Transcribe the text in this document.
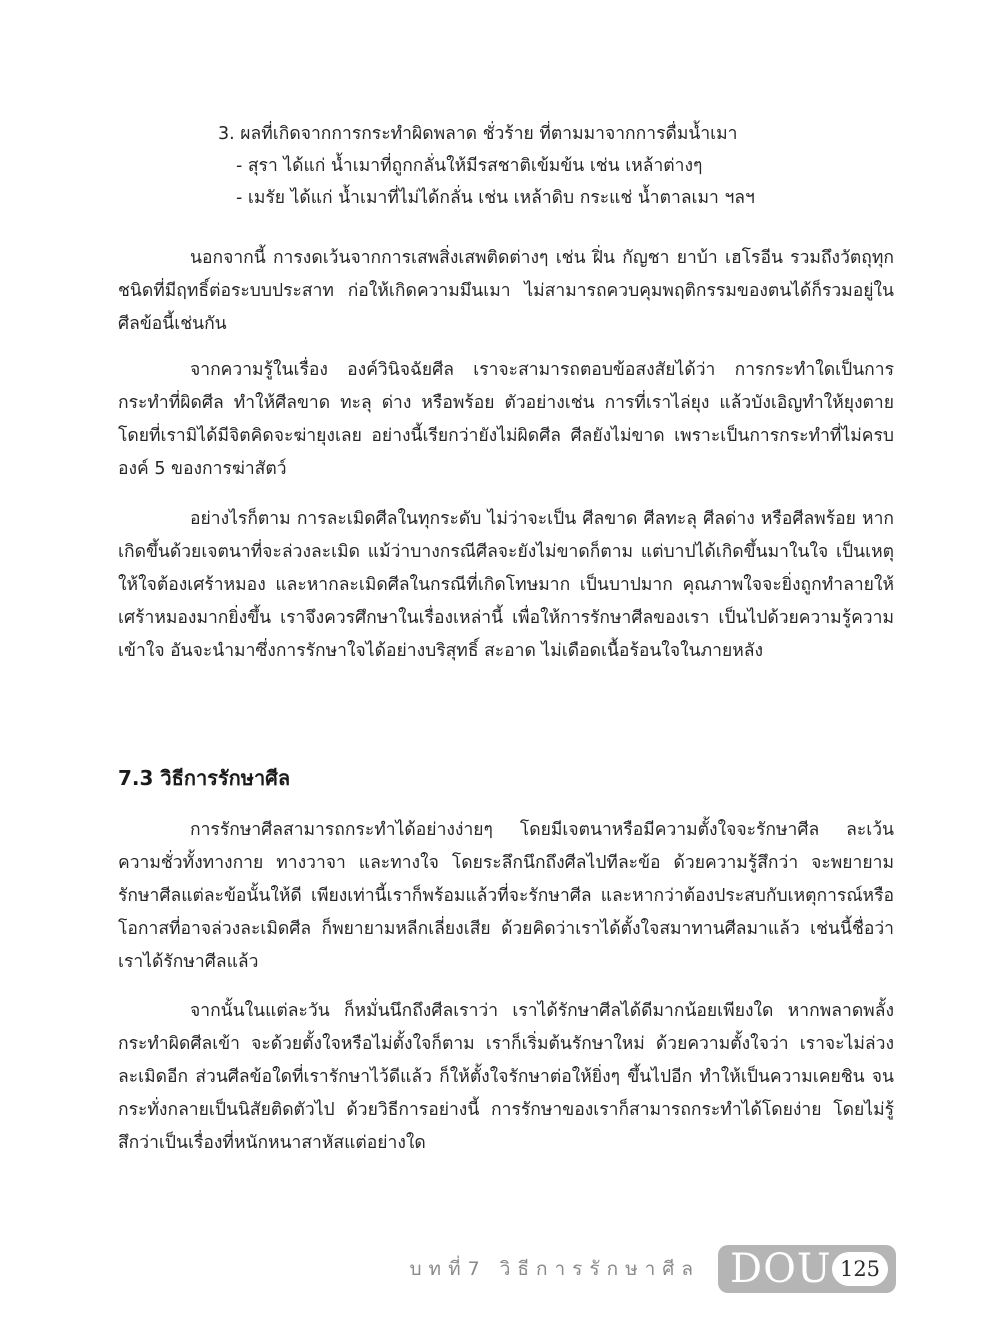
3. ผลที่เกิดจากการกระทำผิดพลาด ชั่วร้าย ที่ตามมาจากการดื่มน้ำเมา
- สุรา ได้แก่ น้ำเมาที่ถูกกลั่นให้มีรสชาติเข้มข้น เช่น เหล้าต่างๆ
- เมรัย ได้แก่ น้ำเมาที่ไม่ได้กลั่น เช่น เหล้าดิบ กระแช่ น้ำตาลเมา ฯลฯ

นอกจากนี้ การงดเว้นจากการเสพสิ่งเสพติดต่างๆ เช่น ฝิ่น กัญชา ยาบ้า เฮโรอีน รวมถึงวัตถุทุกชนิดที่มีฤทธิ์ต่อระบบประสาท ก่อให้เกิดความมึนเมา ไม่สามารถควบคุมพฤติกรรมของตนได้ก็รวมอยู่ในศีลข้อนี้เช่นกัน

จากความรู้ในเรื่อง องค์วินิจฉัยศีล เราจะสามารถตอบข้อสงสัยได้ว่า การกระทำใดเป็นการกระทำที่ผิดศีล ทำให้ศีลขาด ทะลุ ด่าง หรือพร้อย ตัวอย่างเช่น การที่เราไล่ยุง แล้วบังเอิญทำให้ยุงตาย โดยที่เรามิได้มีจิตคิดจะฆ่ายุงเลย อย่างนี้เรียกว่ายังไม่ผิดศีล ศีลยังไม่ขาด เพราะเป็นการกระทำที่ไม่ครบ องค์ 5 ของการฆ่าสัตว์

อย่างไรก็ตาม การละเมิดศีลในทุกระดับ ไม่ว่าจะเป็น ศีลขาด ศีลทะลุ ศีลด่าง หรือศีลพร้อย หากเกิดขึ้นด้วยเจตนาที่จะล่วงละเมิด แม้ว่าบางกรณีศีลจะยังไม่ขาดก็ตาม แต่บาปได้เกิดขึ้นมาในใจ เป็นเหตุให้ใจต้องเศร้าหมอง และหากละเมิดศีลในกรณีที่เกิดโทษมาก เป็นบาปมาก คุณภาพใจจะยิ่งถูกทำลายให้เศร้าหมองมากยิ่งขึ้น เราจึงควรศึกษาในเรื่องเหล่านี้ เพื่อให้การรักษาศีลของเรา เป็นไปด้วยความรู้ความเข้าใจ อันจะนำมาซึ่งการรักษาใจได้อย่างบริสุทธิ์ สะอาด ไม่เดือดเนื้อร้อนใจในภายหลัง

7.3 วิธีการรักษาศีล

การรักษาศีลสามารถกระทำได้อย่างง่ายๆ โดยมีเจตนาหรือมีความตั้งใจจะรักษาศีล ละเว้นความชั่วทั้งทางกาย ทางวาจา และทางใจ โดยระลึกนึกถึงศีลไปทีละข้อ ด้วยความรู้สึกว่า จะพยายามรักษาศีลแต่ละข้อนั้นให้ดี เพียงเท่านี้เราก็พร้อมแล้วที่จะรักษาศีล และหากว่าต้องประสบกับเหตุการณ์หรือโอกาสที่อาจล่วงละเมิดศีล ก็พยายามหลีกเลี่ยงเสีย ด้วยคิดว่าเราได้ตั้งใจสมาทานศีลมาแล้ว เช่นนี้ชื่อว่าเราได้รักษาศีลแล้ว

จากนั้นในแต่ละวัน ก็หมั่นนึกถึงศีลเราว่า เราได้รักษาศีลได้ดีมากน้อยเพียงใด หากพลาดพลั้งกระทำผิดศีลเข้า จะด้วยตั้งใจหรือไม่ตั้งใจก็ตาม เราก็เริ่มต้นรักษาใหม่ ด้วยความตั้งใจว่า เราจะไม่ล่วงละเมิดอีก ส่วนศีลข้อใดที่เรารักษาไว้ดีแล้ว ก็ให้ตั้งใจรักษาต่อให้ยิ่งๆ ขึ้นไปอีก ทำให้เป็นความเคยชิน จนกระทั่งกลายเป็นนิสัยติดตัวไป ด้วยวิธีการอย่างนี้ การรักษาของเราก็สามารถกระทำได้โดยง่าย โดยไม่รู้สึกว่าเป็นเรื่องที่หนักหนาสาหัสแต่อย่างใด

บทที่7 วิธีการรักษาศีล DOU 125
